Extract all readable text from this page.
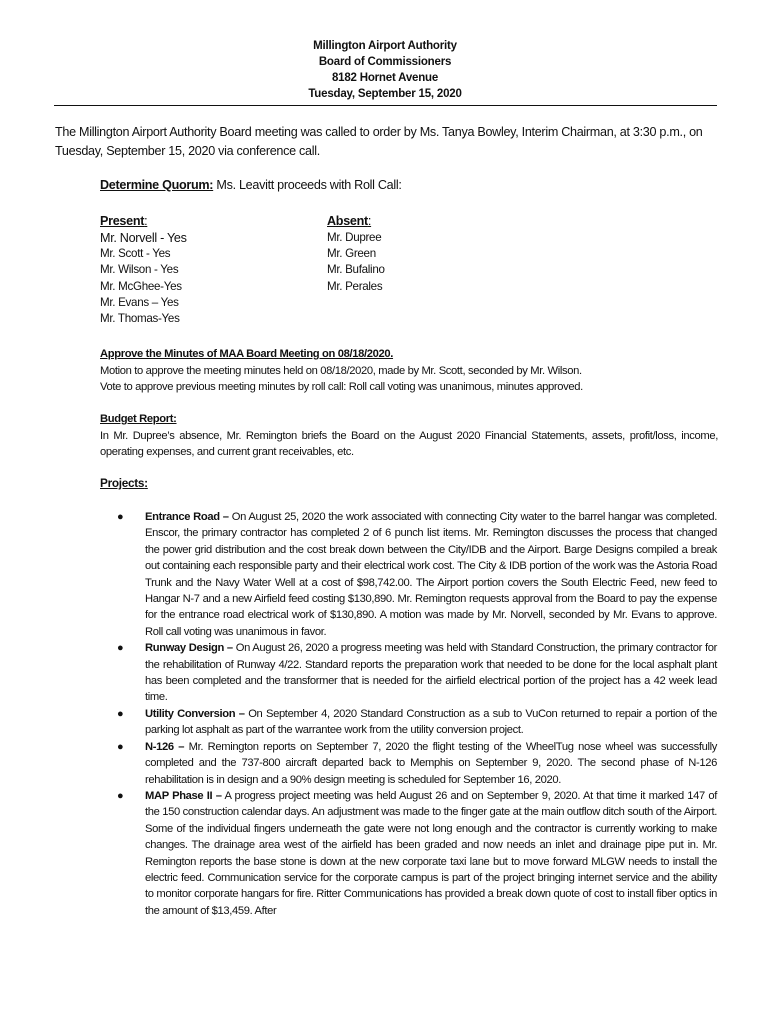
Millington Airport Authority
Board of Commissioners
8182 Hornet Avenue
Tuesday, September 15, 2020
The Millington Airport Authority Board meeting was called to order by Ms. Tanya Bowley, Interim Chairman, at 3:30 p.m., on Tuesday, September 15, 2020 via conference call.
Determine Quorum: Ms. Leavitt proceeds with Roll Call:
Present:
Mr. Norvell - Yes
Mr. Scott - Yes
Mr. Wilson - Yes
Mr. McGhee-Yes
Mr. Evans – Yes
Mr. Thomas-Yes
Absent:
Mr. Dupree
Mr. Green
Mr. Bufalino
Mr. Perales
Approve the Minutes of MAA Board Meeting on 08/18/2020.
Motion to approve the meeting minutes held on 08/18/2020, made by Mr. Scott, seconded by Mr. Wilson.
Vote to approve previous meeting minutes by roll call: Roll call voting was unanimous, minutes approved.
Budget Report:

In Mr. Dupree’s absence, Mr. Remington briefs the Board on the August 2020 Financial Statements, assets, profit/loss, income, operating expenses, and current grant receivables, etc.

Projects:
● Entrance Road – On August 25, 2020 the work associated with connecting City water to the barrel hangar was completed. Enscor, the primary contractor has completed 2 of 6 punch list items. Mr. Remington discusses the process that changed the power grid distribution and the cost break down between the City/IDB and the Airport. Barge Designs compiled a break out containing each responsible party and their electrical work cost. The City & IDB portion of the work was the Astoria Road Trunk and the Navy Water Well at a cost of $98,742.00. The Airport portion covers the South Electric Feed, new feed to Hangar N-7 and a new Airfield feed costing $130,890. Mr. Remington requests approval from the Board to pay the expense for the entrance road electrical work of $130,890. A motion was made by Mr. Norvell, seconded by Mr. Evans to approve. Roll call voting was unanimous in favor.
● Runway Design – On August 26, 2020 a progress meeting was held with Standard Construction, the primary contractor for the rehabilitation of Runway 4/22. Standard reports the preparation work that needed to be done for the local asphalt plant has been completed and the transformer that is needed for the airfield electrical portion of the project has a 42 week lead time.
● Utility Conversion – On September 4, 2020 Standard Construction as a sub to VuCon returned to repair a portion of the parking lot asphalt as part of the warrantee work from the utility conversion project.
● N-126 – Mr. Remington reports on September 7, 2020 the flight testing of the WheelTug nose wheel was successfully completed and the 737-800 aircraft departed back to Memphis on September 9, 2020. The second phase of N-126 rehabilitation is in design and a 90% design meeting is scheduled for September 16, 2020.
● MAP Phase II – A progress project meeting was held August 26 and on September 9, 2020. At that time it marked 147 of the 150 construction calendar days. An adjustment was made to the finger gate at the main outflow ditch south of the Airport. Some of the individual fingers underneath the gate were not long enough and the contractor is currently working to make changes. The drainage area west of the airfield has been graded and now needs an inlet and drainage pipe put in. Mr. Remington reports the base stone is down at the new corporate taxi lane but to move forward MLGW needs to install the electric feed. Communication service for the corporate campus is part of the project bringing internet service and the ability to monitor corporate hangars for fire. Ritter Communications has provided a break down quote of cost to install fiber optics in the amount of $13,459. After
